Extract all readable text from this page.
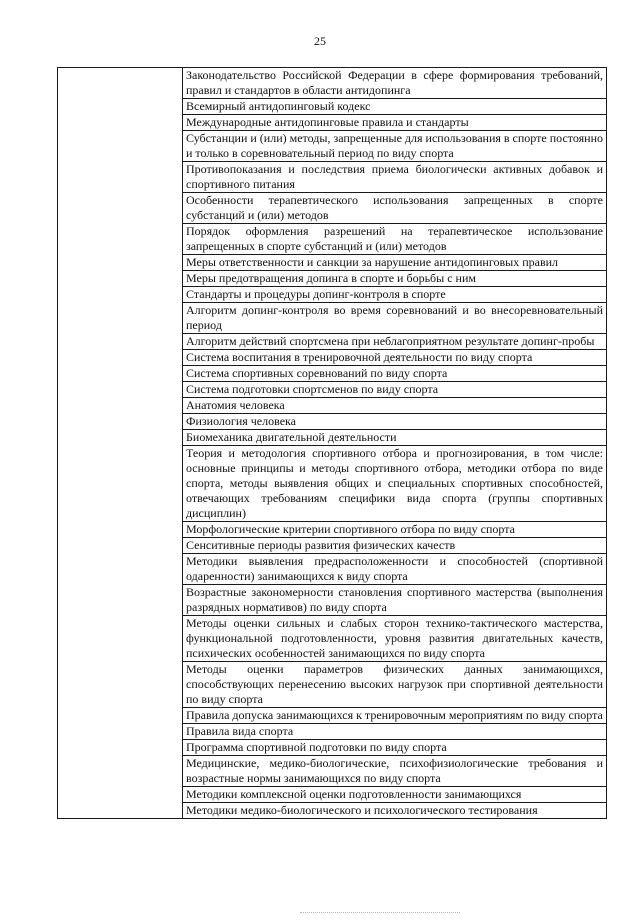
25
	Законодательство Российской Федерации в сфере формирования требований, правил и стандартов в области антидопинга
Всемирный антидопинговый кодекс
Международные антидопинговые правила и стандарты
Субстанции и (или) методы, запрещенные для использования в спорте постоянно и только в соревновательный период по виду спорта
Противопоказания и последствия приема биологически активных добавок и спортивного питания
Особенности терапевтического использования запрещенных в спорте субстанций и (или) методов
Порядок оформления разрешений на терапевтическое использование запрещенных в спорте субстанций и (или) методов
Меры ответственности и санкции за нарушение антидопинговых правил
Меры предотвращения допинга в спорте и борьбы с ним
Стандарты и процедуры допинг-контроля в спорте
Алгоритм допинг-контроля во время соревнований и во внесоревновательный период
Алгоритм действий спортсмена при неблагоприятном результате допинг-пробы
Система воспитания в тренировочной деятельности по виду спорта
Система спортивных соревнований по виду спорта
Система подготовки спортсменов по виду спорта
Анатомия человека
Физиология человека
Биомеханика двигательной деятельности
Теория и методология спортивного отбора и прогнозирования, в том числе: основные принципы и методы спортивного отбора, методики отбора по виде спорта, методы выявления общих и специальных спортивных способностей, отвечающих требованиям специфики вида спорта (группы спортивных дисциплин)
Морфологические критерии спортивного отбора по виду спорта
Сенситивные периоды развития физических качеств
Методики выявления предрасположенности и способностей (спортивной одаренности) занимающихся к виду спорта
Возрастные закономерности становления спортивного мастерства (выполнения разрядных нормативов) по виду спорта
Методы оценки сильных и слабых сторон технико-тактического мастерства, функциональной подготовленности, уровня развития двигательных качеств, психических особенностей занимающихся по виду спорта
Методы оценки параметров физических данных занимающихся, способствующих перенесению высоких нагрузок при спортивной деятельности по виду спорта
Правила допуска занимающихся к тренировочным мероприятиям по виду спорта
Правила вида спорта
Программа спортивной подготовки по виду спорта
Медицинские, медико-биологические, психофизиологические требования и возрастные нормы занимающихся по виду спорта
Методики комплексной оценки подготовленности занимающихся
Методики медико-биологического и психологического тестирования
